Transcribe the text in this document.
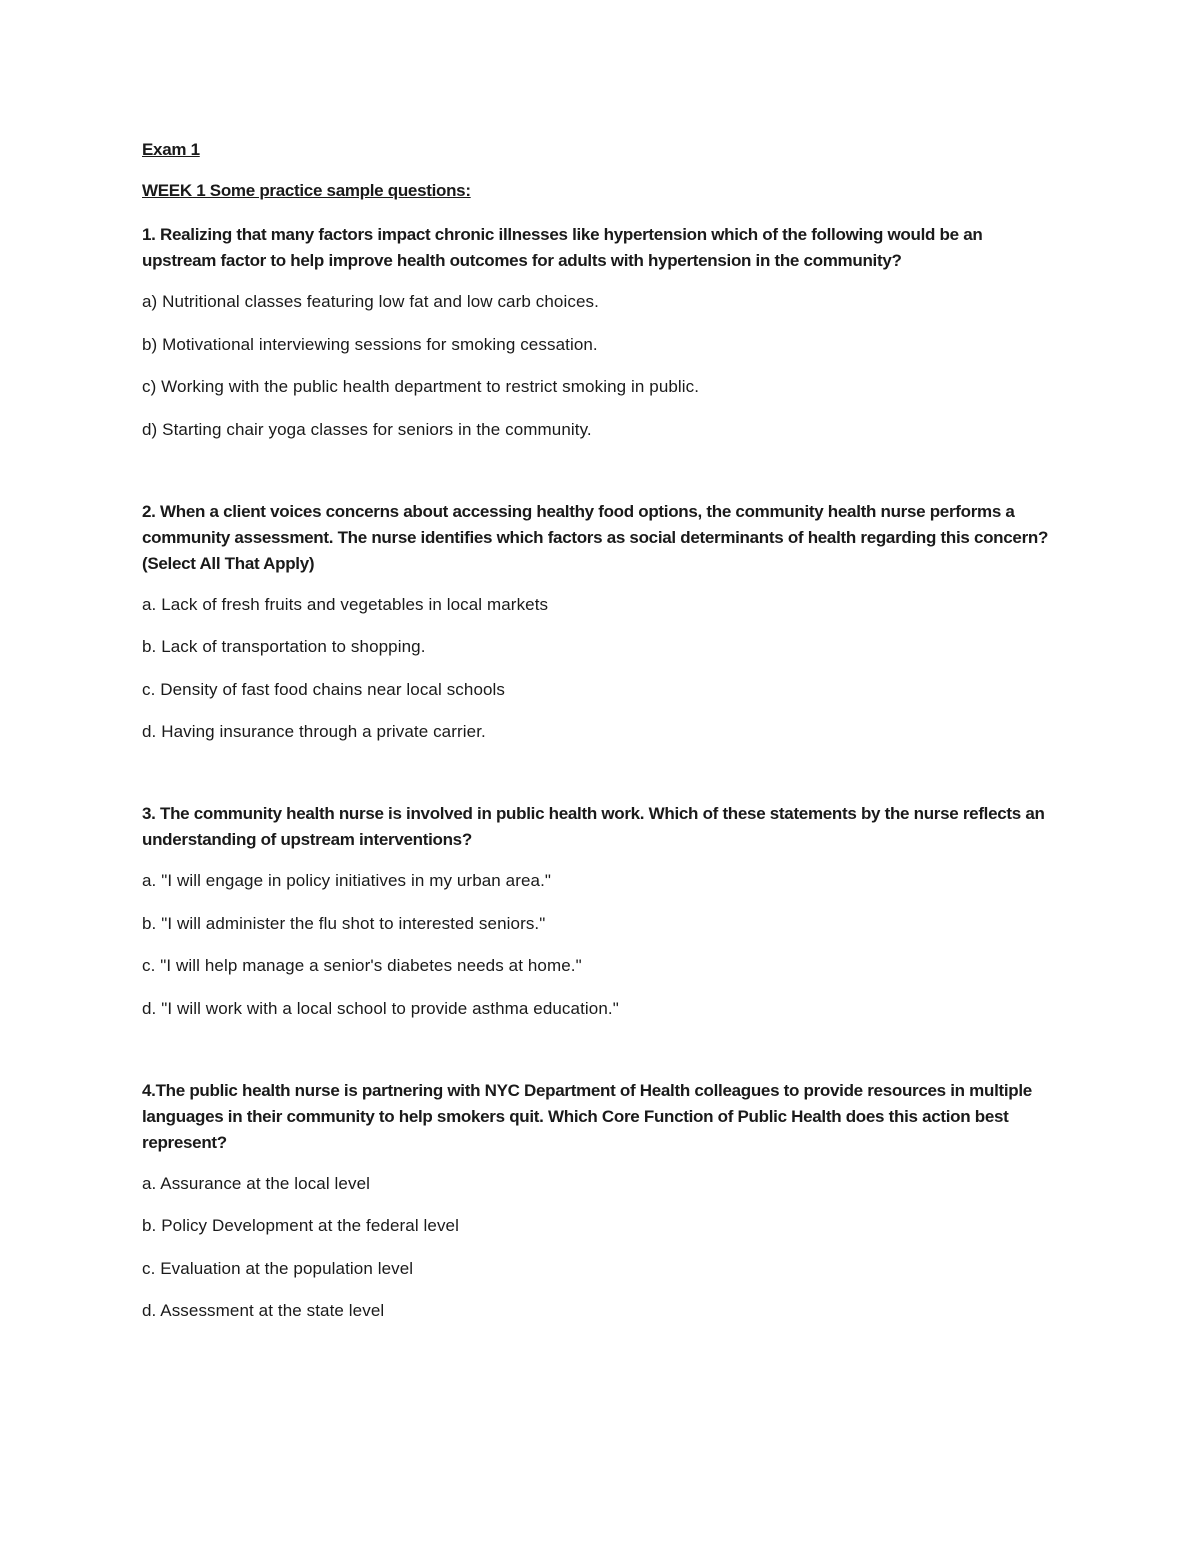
Exam 1

WEEK 1 Some practice sample questions:

1. Realizing that many factors impact chronic illnesses like hypertension which of the following would be an upstream factor to help improve health outcomes for adults with hypertension in the community?

a) Nutritional classes featuring low fat and low carb choices.

b) Motivational interviewing sessions for smoking cessation.

c) Working with the public health department to restrict smoking in public.

d) Starting chair yoga classes for seniors in the community.

2. When a client voices concerns about accessing healthy food options, the community health nurse performs a community assessment. The nurse identifies which factors as social determinants of health regarding this concern? (Select All That Apply)

a. Lack of fresh fruits and vegetables in local markets

b. Lack of transportation to shopping.

c. Density of fast food chains near local schools

d. Having insurance through a private carrier.

3. The community health nurse is involved in public health work. Which of these statements by the nurse reflects an understanding of upstream interventions?

a. "I will engage in policy initiatives in my urban area."

b. "I will administer the flu shot to interested seniors."

c. "I will help manage a senior's diabetes needs at home."

d. "I will work with a local school to provide asthma education."

4.The public health nurse is partnering with NYC Department of Health colleagues to provide resources in multiple languages in their community to help smokers quit. Which Core Function of Public Health does this action best represent?

a. Assurance at the local level

b. Policy Development at the federal level

c. Evaluation at the population level

d. Assessment at the state level
